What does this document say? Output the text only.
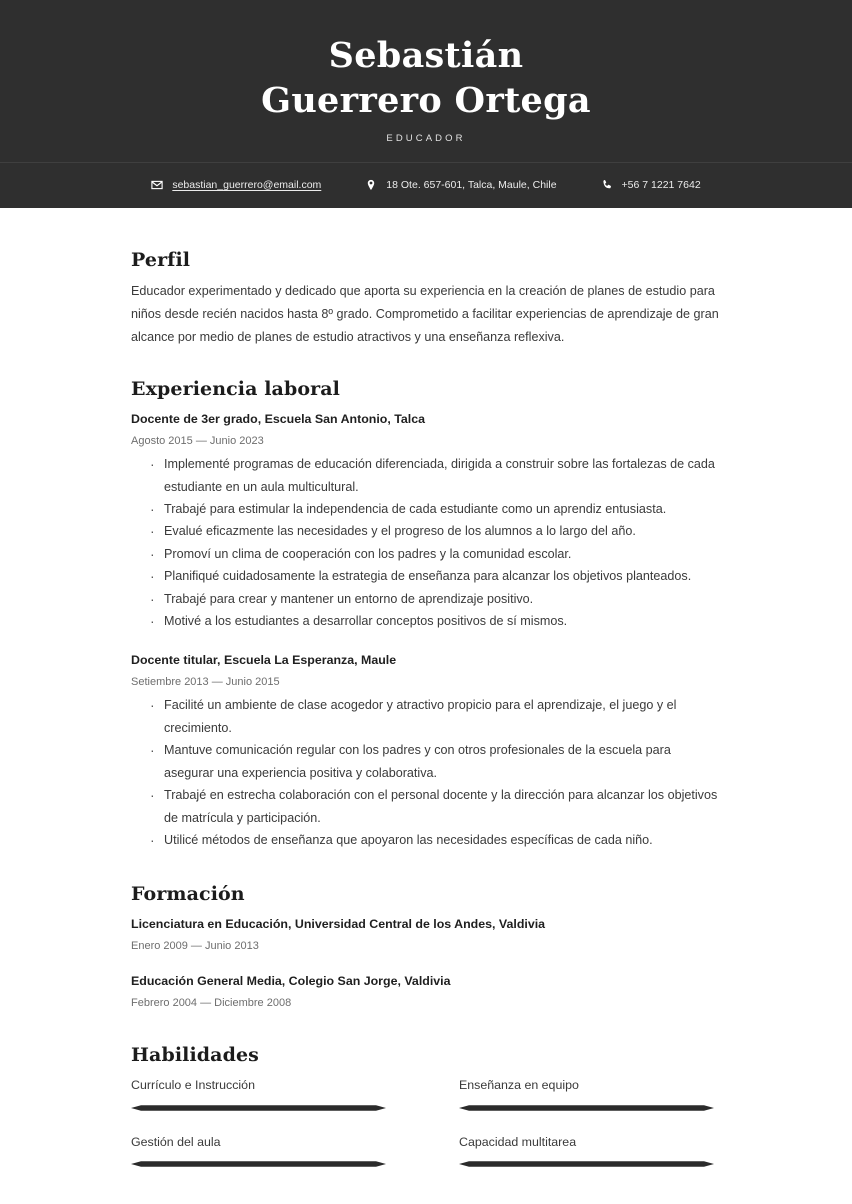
Sebastián
Guerrero Ortega
EDUCADOR
sebastian_guerrero@email.com	18 Ote. 657-601, Talca, Maule, Chile	+56 7 1221 7642
Perfil

Educador experimentado y dedicado que aporta su experiencia en la creación de planes de estudio para niños desde recién nacidos hasta 8º grado. Comprometido a facilitar experiencias de aprendizaje de gran alcance por medio de planes de estudio atractivos y una enseñanza reflexiva.

Experiencia laboral
Docente de 3er grado, Escuela San Antonio, Talca
Agosto 2015 — Junio 2023
· Implementé programas de educación diferenciada, dirigida a construir sobre las fortalezas de cada estudiante en un aula multicultural.
· Trabajé para estimular la independencia de cada estudiante como un aprendiz entusiasta.
· Evalué eficazmente las necesidades y el progreso de los alumnos a lo largo del año.
· Promoví un clima de cooperación con los padres y la comunidad escolar.
· Planifiqué cuidadosamente la estrategia de enseñanza para alcanzar los objetivos planteados.
· Trabajé para crear y mantener un entorno de aprendizaje positivo.
· Motivé a los estudiantes a desarrollar conceptos positivos de sí mismos.
Docente titular, Escuela La Esperanza, Maule
Setiembre 2013 — Junio 2015
· Facilité un ambiente de clase acogedor y atractivo propicio para el aprendizaje, el juego y el crecimiento.
· Mantuve comunicación regular con los padres y con otros profesionales de la escuela para asegurar una experiencia positiva y colaborativa.
· Trabajé en estrecha colaboración con el personal docente y la dirección para alcanzar los objetivos de matrícula y participación.
· Utilicé métodos de enseñanza que apoyaron las necesidades específicas de cada niño.
Formación
Licenciatura en Educación, Universidad Central de los Andes, Valdivia
Enero 2009 — Junio 2013
Educación General Media, Colegio San Jorge, Valdivia
Febrero 2004 — Diciembre 2008
Habilidades
Currículo e Instrucción	Enseñanza en equipo
Gestión del aula	Capacidad multitarea
